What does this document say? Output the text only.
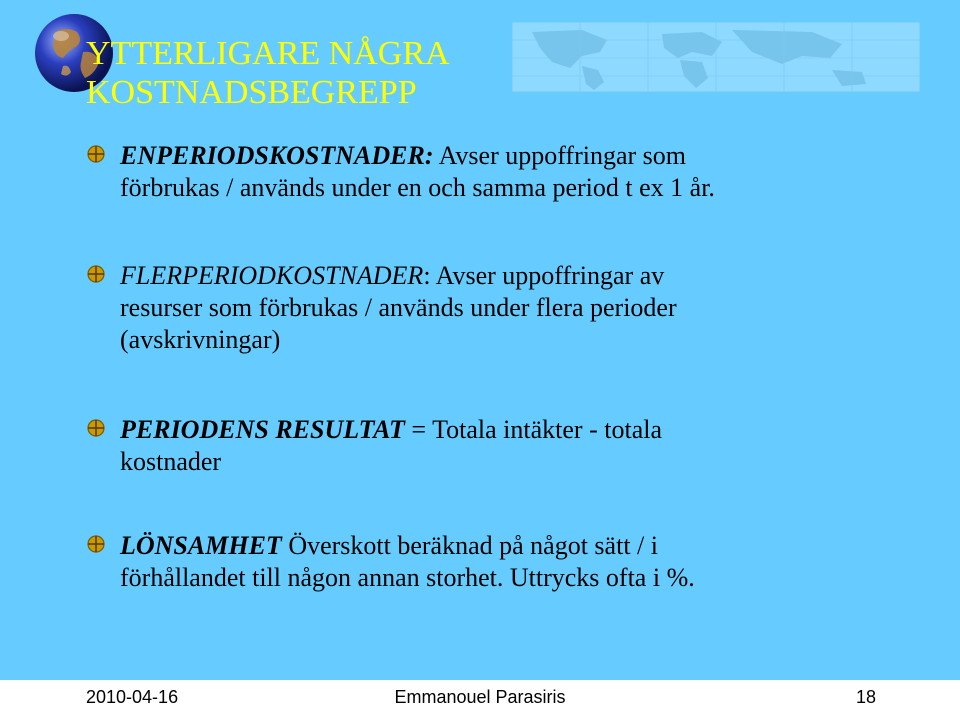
YTTERLIGARE NÅGRA
KOSTNADSBEGREPP
ENPERIODSKOSTNADER: Avser uppoffringar som
förbrukas / används under en och samma period t ex 1 år.
FLERPERIODKOSTNADER: Avser uppoffringar av
resurser som förbrukas / används under flera perioder
(avskrivningar)
PERIODENS RESULTAT = Totala intäkter - totala
kostnader
LÖNSAMHET Överskott beräknad på något sätt / i
förhållandet till någon annan storhet. Uttrycks ofta i %.
2010-04-16	Emmanouel Parasiris	18
